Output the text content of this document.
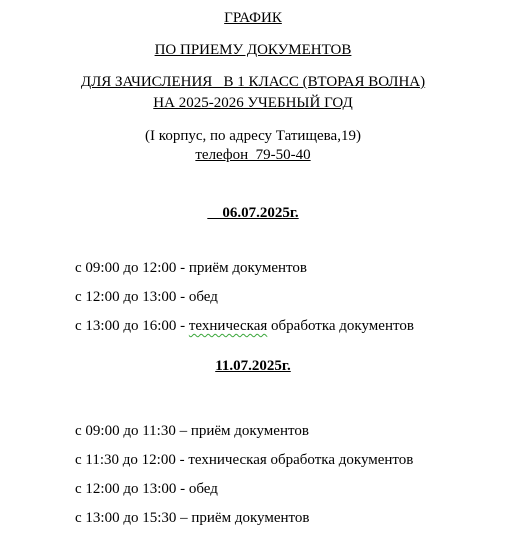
ГРАФИК
ПО ПРИЕМУ ДОКУМЕНТОВ
ДЛЯ ЗАЧИСЛЕНИЯ   В 1 КЛАСС (ВТОРАЯ ВОЛНА)
НА 2025-2026 УЧЕБНЫЙ ГОД
(I корпус, по адресу Татищева,19)
телефон  79-50-40
06.07.2025г.

с 09:00 до 12:00 - приём документов

с 12:00 до 13:00 - обед

с 13:00 до 16:00 - техническая обработка документов

11.07.2025г.

с 09:00 до 11:30 – приём документов

с 11:30 до 12:00 - техническая обработка документов

с 12:00 до 13:00 - обед

с 13:00 до 15:30 – приём документов
